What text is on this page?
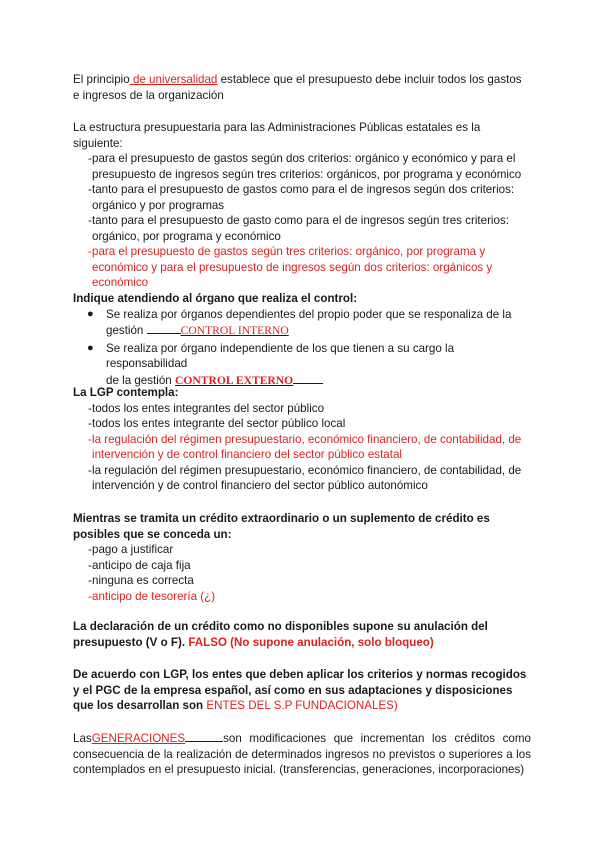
El principio de universalidad establece que el presupuesto debe incluir todos los gastos
e ingresos de la organización
La estructura presupuestaria para las Administraciones Públicas estatales es la siguiente:
- para el presupuesto de gastos según dos criterios: orgánico y económico y para el presupuesto de ingresos según tres criterios: orgánicos, por programa y económico
- tanto para el presupuesto de gastos como para el de ingresos según dos criterios: orgánico y por programas
- tanto para el presupuesto de gasto como para el de ingresos según tres criterios: orgánico, por programa y económico
- para el presupuesto de gastos según tres criterios: orgánico, por programa y económico y para el presupuesto de ingresos según dos criterios: orgánicos y económico
Indique atendiendo al órgano que realiza el control:
● Se realiza por órganos dependientes del propio poder que se responaliza de la
gestión	CONTROL INTERNO
● Se realiza por órgano independiente de los que tienen a su cargo la responsabilidad
de la gestión CONTROL EXTERNO
La LGP contempla:
- todos los entes integrantes del sector público
- todos los entes integrante del sector público local
- la regulación del régimen presupuestario, económico financiero, de contabilidad, de intervención y de control financiero del sector público estatal
- la regulación del régimen presupuestario, económico financiero, de contabilidad, de intervención y de control financiero del sector público autonómico
Mientras se tramita un crédito extraordinario o un suplemento de crédito es posibles que se conceda un:
- pago a justificar
- anticipo de caja fija
- ninguna es correcta
- anticipo de tesorería (¿)
La declaración de un crédito como no disponibles supone su anulación del presupuesto (V o F). FALSO (No supone anulación, solo bloqueo)
De acuerdo con LGP, los entes que deben aplicar los criterios y normas recogidos y el PGC de la empresa español, así como en sus adaptaciones y disposiciones que los desarrollan son ENTES DEL S.P FUNDACIONALES)
LasGENERACIONES	son modificaciones que incrementan los créditos como consecuencia de la realización de determinados ingresos no previstos o superiores a los contemplados en el presupuesto inicial. (transferencias, generaciones, incorporaciones)
